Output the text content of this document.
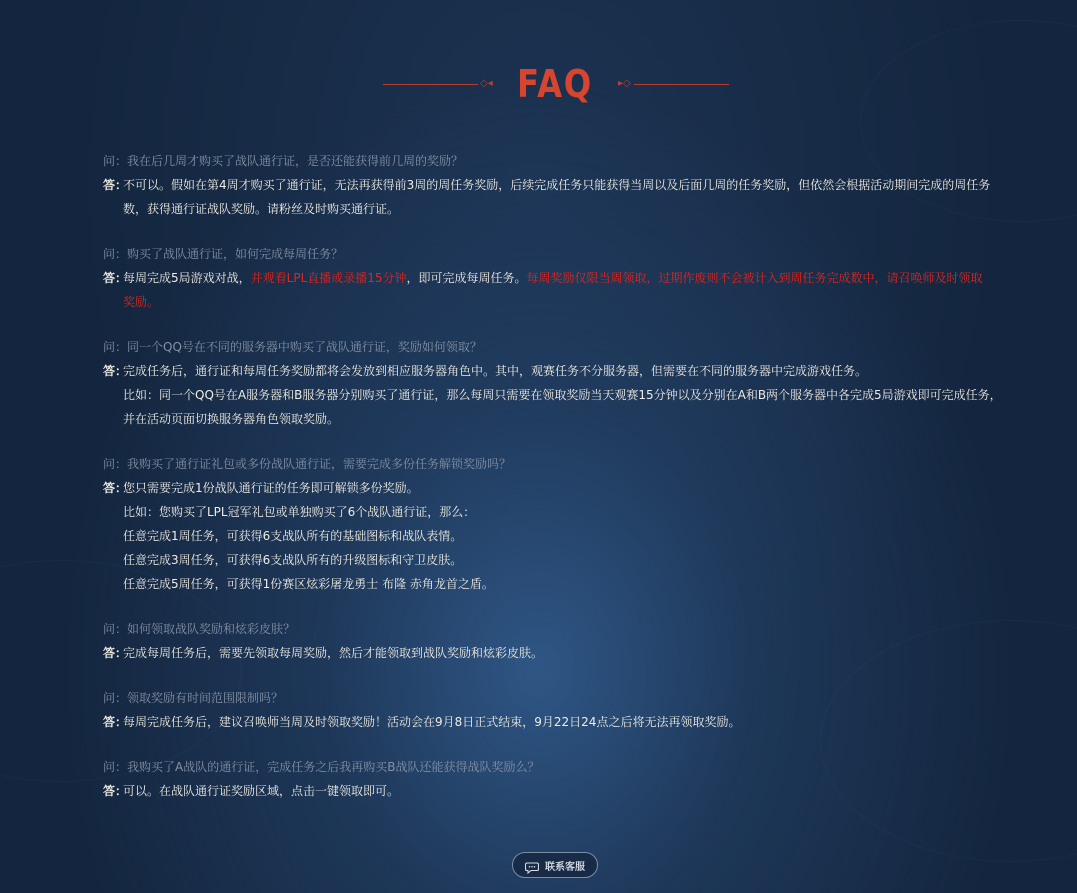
◇◂ FAQ	▸◇
问：我在后几周才购买了战队通行证，是否还能获得前几周的奖励？
答：
不可以。假如在第4周才购买了通行证，无法再获得前3周的周任务奖励，后续完成任务只能获得当周以及后面几周的任务奖励，但依然会根据活动期间完成的周任务数，获得通行证战队奖励。请粉丝及时购买通行证。
问：购买了战队通行证，如何完成每周任务？
答：
每周完成5局游戏对战，并观看LPL直播或录播15分钟，即可完成每周任务。每周奖励仅限当周领取，过期作废则不会被计入到周任务完成数中，请召唤师及时领取奖励。
问：同一个QQ号在不同的服务器中购买了战队通行证，奖励如何领取？
答：
完成任务后，通行证和每周任务奖励都将会发放到相应服务器角色中。其中，观赛任务不分服务器，但需要在不同的服务器中完成游戏任务。
比如：同一个QQ号在A服务器和B服务器分别购买了通行证，那么每周只需要在领取奖励当天观赛15分钟以及分别在A和B两个服务器中各完成5局游戏即可完成任务，
并在活动页面切换服务器角色领取奖励。
问：我购买了通行证礼包或多份战队通行证，需要完成多份任务解锁奖励吗？
答：
您只需要完成1份战队通行证的任务即可解锁多份奖励。
比如：您购买了LPL冠军礼包或单独购买了6个战队通行证，那么：
任意完成1周任务，可获得6支战队所有的基础图标和战队表情。
任意完成3周任务，可获得6支战队所有的升级图标和守卫皮肤。
任意完成5周任务，可获得1份赛区炫彩屠龙勇士 布隆 赤角龙首之盾。
问：如何领取战队奖励和炫彩皮肤？
答：
完成每周任务后，需要先领取每周奖励，然后才能领取到战队奖励和炫彩皮肤。
问：领取奖励有时间范围限制吗？
答：
每周完成任务后，建议召唤师当周及时领取奖励！活动会在9月8日正式结束，9月22日24点之后将无法再领取奖励。
问：我购买了A战队的通行证，完成任务之后我再购买B战队还能获得战队奖励么？
答：
可以。在战队通行证奖励区域，点击一键领取即可。
联系客服
